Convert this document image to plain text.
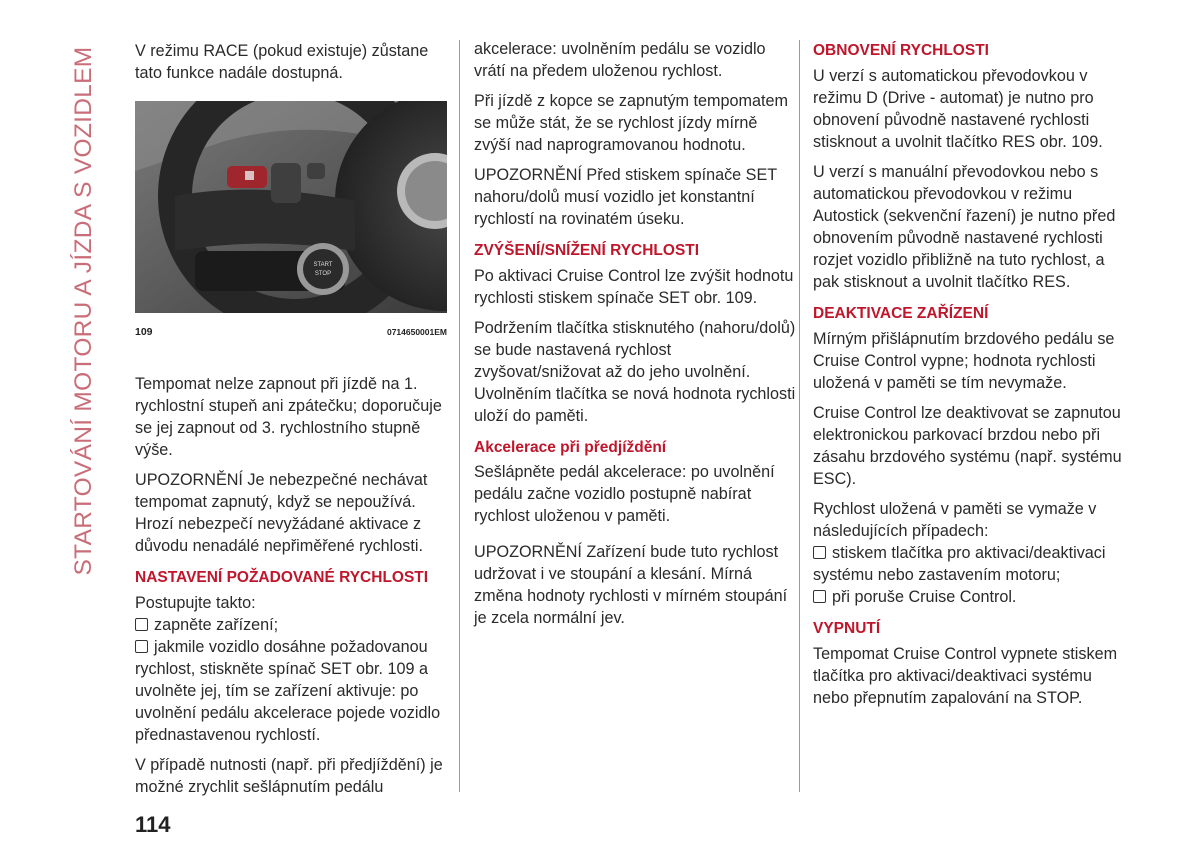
STARTOVÁNÍ MOTORU A JÍZDA S VOZIDLEM V režimu RACE (pokud existuje) zůstane tato funkce nadále dostupná.

START
STOP
109	0714650001EM

Tempomat nelze zapnout při jízdě na 1. rychlostní stupeň ani zpátečku; doporučuje se jej zapnout od 3. rychlostního stupně výše.

UPOZORNĚNÍ Je nebezpečné nechávat tempomat zapnutý, když se nepoužívá. Hrozí nebezpečí nevyžádané aktivace z důvodu nenadálé nepřiměřené rychlosti.

NASTAVENÍ POŽADOVANÉ RYCHLOSTI
Postupujte takto:
zapněte zařízení;

jakmile vozidlo dosáhne požadovanou rychlost, stiskněte spínač SET obr. 109 a uvolněte jej, tím se zařízení aktivuje: po uvolnění pedálu akcelerace pojede vozidlo přednastavenou rychlostí.

V případě nutnosti (např. při předjíždění) je možné zrychlit sešlápnutím pedálu

akcelerace: uvolněním pedálu se vozidlo vrátí na předem uloženou rychlost.

Při jízdě z kopce se zapnutým tempomatem se může stát, že se rychlost jízdy mírně zvýší nad naprogramovanou hodnotu.

UPOZORNĚNÍ Před stiskem spínače SET nahoru/dolů musí vozidlo jet konstantní rychlostí na rovinatém úseku.

ZVÝŠENÍ/SNÍŽENÍ RYCHLOSTI

Po aktivaci Cruise Control lze zvýšit hodnotu rychlosti stiskem spínače SET obr. 109.

Podržením tlačítka stisknutého (nahoru/dolů) se bude nastavená rychlost zvyšovat/snižovat až do jeho uvolnění. Uvolněním tlačítka se nová hodnota rychlosti uloží do paměti.

Akcelerace při předjíždění

Sešlápněte pedál akcelerace: po uvolnění pedálu začne vozidlo postupně nabírat rychlost uloženou v paměti.

UPOZORNĚNÍ Zařízení bude tuto rychlost udržovat i ve stoupání a klesání. Mírná změna hodnoty rychlosti v mírném stoupání je zcela normální jev.

OBNOVENÍ RYCHLOSTI

U verzí s automatickou převodovkou v režimu D (Drive - automat) je nutno pro obnovení původně nastavené rychlosti stisknout a uvolnit tlačítko RES obr. 109.

U verzí s manuální převodovkou nebo s automatickou převodovkou v režimu Autostick (sekvenční řazení) je nutno před obnovením původně nastavené rychlosti rozjet vozidlo přibližně na tuto rychlost, a pak stisknout a uvolnit tlačítko RES.

DEAKTIVACE ZAŘÍZENÍ

Mírným přišlápnutím brzdového pedálu se Cruise Control vypne; hodnota rychlosti uložená v paměti se tím nevymaže.

Cruise Control lze deaktivovat se zapnutou elektronickou parkovací brzdou nebo při zásahu brzdového systému (např. systému ESC).

Rychlost uložená v paměti se vymaže v následujících případech:
stiskem tlačítka pro aktivaci/deaktivaci systému nebo zastavením motoru;

při poruše Cruise Control.

VYPNUTÍ

Tempomat Cruise Control vypnete stiskem tlačítka pro aktivaci/deaktivaci systému nebo přepnutím zapalování na STOP.

114
